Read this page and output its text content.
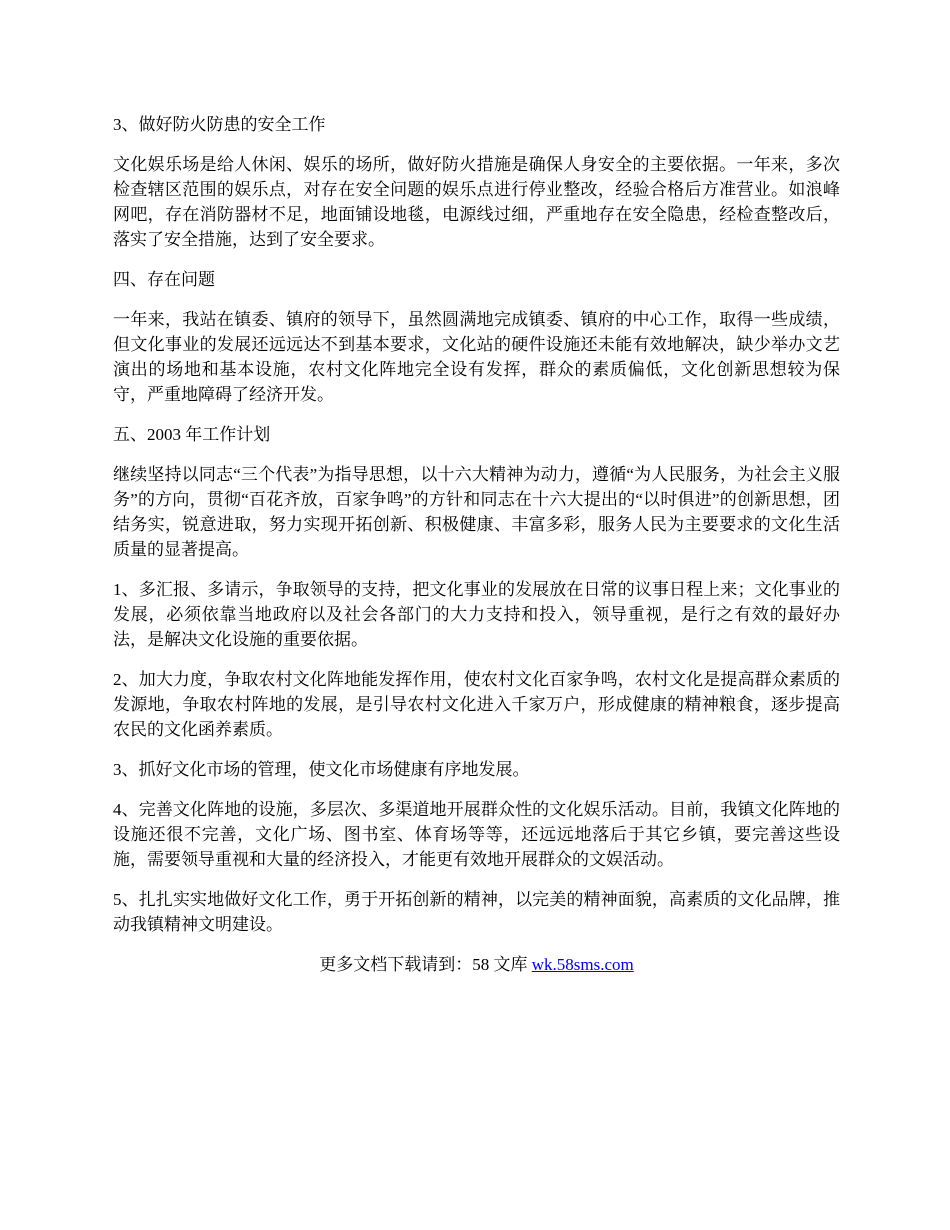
3、做好防火防患的安全工作
文化娱乐场是给人休闲、娱乐的场所，做好防火措施是确保人身安全的主要依据。一年来，多次检查辖区范围的娱乐点，对存在安全问题的娱乐点进行停业整改，经验合格后方准营业。如浪峰网吧，存在消防器材不足，地面铺设地毯，电源线过细，严重地存在安全隐患，经检查整改后，落实了安全措施，达到了安全要求。
四、存在问题
一年来，我站在镇委、镇府的领导下，虽然圆满地完成镇委、镇府的中心工作，取得一些成绩，但文化事业的发展还远远达不到基本要求，文化站的硬件设施还未能有效地解决，缺少举办文艺演出的场地和基本设施，农村文化阵地完全设有发挥，群众的素质偏低，文化创新思想较为保守，严重地障碍了经济开发。
五、2003 年工作计划
继续坚持以同志“三个代表”为指导思想，以十六大精神为动力，遵循“为人民服务，为社会主义服务”的方向，贯彻“百花齐放，百家争鸣”的方针和同志在十六大提出的“以时俱进”的创新思想，团结务实，锐意进取，努力实现开拓创新、积极健康、丰富多彩，服务人民为主要要求的文化生活质量的显著提高。
1、多汇报、多请示，争取领导的支持，把文化事业的发展放在日常的议事日程上来；文化事业的发展，必须依靠当地政府以及社会各部门的大力支持和投入，领导重视，是行之有效的最好办法，是解决文化设施的重要依据。
2、加大力度，争取农村文化阵地能发挥作用，使农村文化百家争鸣，农村文化是提高群众素质的发源地，争取农村阵地的发展，是引导农村文化进入千家万户，形成健康的精神粮食，逐步提高农民的文化函养素质。
3、抓好文化市场的管理，使文化市场健康有序地发展。
4、完善文化阵地的设施，多层次、多渠道地开展群众性的文化娱乐活动。目前，我镇文化阵地的设施还很不完善，文化广场、图书室、体育场等等，还远远地落后于其它乡镇，要完善这些设施，需要领导重视和大量的经济投入，才能更有效地开展群众的文娱活动。
5、扎扎实实地做好文化工作，勇于开拓创新的精神，以完美的精神面貌，高素质的文化品牌，推动我镇精神文明建设。
更多文档下载请到：58 文库 wk.58sms.com
